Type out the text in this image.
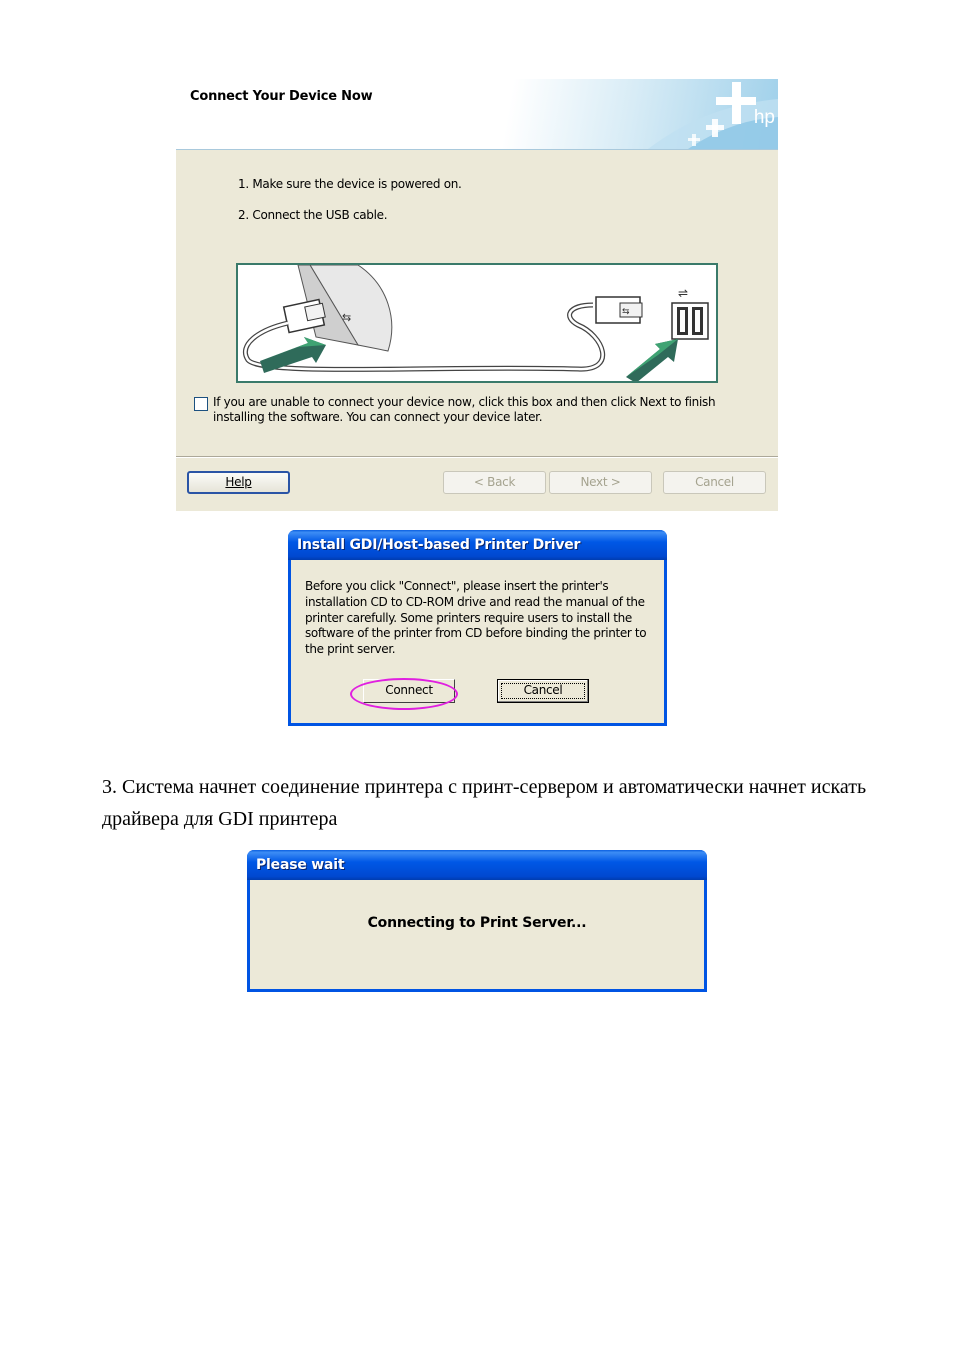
Connect Your Device Now
hp
1. Make sure the device is powered on.
2. Connect the USB cable.
⇆	⇆
⇌
If you are unable to connect your device now, click this box and then click Next to finish installing the software. You can connect your device later.
Help	< Back	Next >	Cancel
Install GDI/Host-based Printer Driver
Before you click "Connect", please insert the printer's installation CD to CD-ROM drive and read the manual of the printer carefully. Some printers require users to install the software of the printer from CD before binding the printer to the print server.
Connect	Cancel
3. Система начнет соединение принтера с принт-сервером и автоматически начнет искать драйвера для GDI принтера
Please wait
Connecting to Print Server...
